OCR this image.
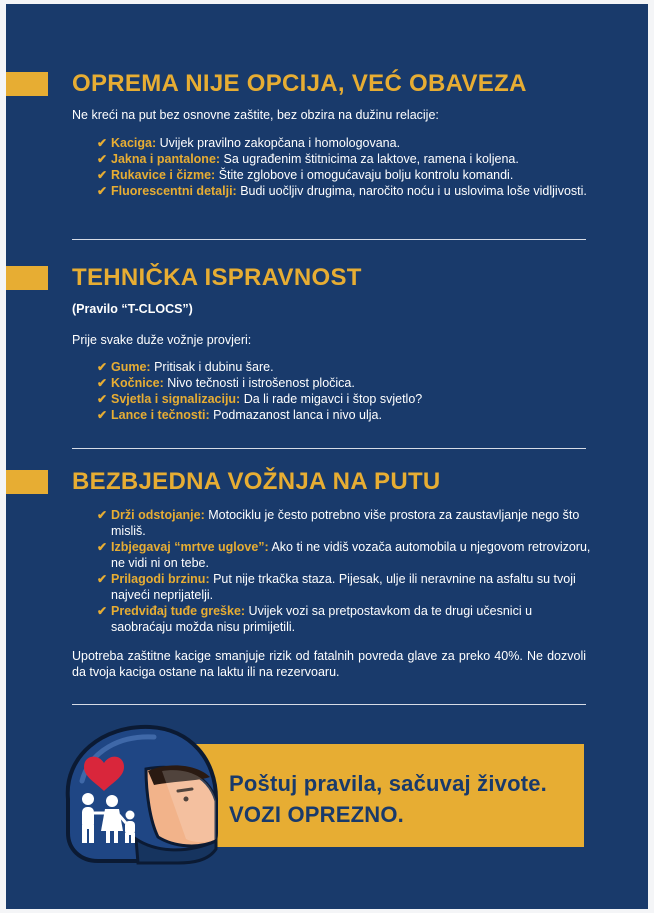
OPREMA NIJE OPCIJA, VEĆ OBAVEZA
Ne kreći na put bez osnovne zaštite, bez obzira na dužinu relacije:
✔ Kaciga: Uvijek pravilno zakopčana i homologovana.
✔ Jakna i pantalone: Sa ugrađenim štitnicima za laktove, ramena i koljena.
✔ Rukavice i čizme: Štite zglobove i omogućavaju bolju kontrolu komandi.
✔ Fluorescentni detalji: Budi uočljiv drugima, naročito noću i u uslovima loše vidljivosti.
TEHNIČKA ISPRAVNOST
(Pravilo “T-CLOCS”)
Prije svake duže vožnje provjeri:
✔ Gume: Pritisak i dubinu šare.
✔ Kočnice: Nivo tečnosti i istrošenost pločica.
✔ Svjetla i signalizaciju: Da li rade migavci i štop svjetlo?
✔ Lance i tečnosti: Podmazanost lanca i nivo ulja.
BEZBJEDNA VOŽNJA NA PUTU
✔ Drži odstojanje: Motociklu je često potrebno više prostora za zaustavljanje nego što misliš.
✔ Izbjegavaj “mrtve uglove”: Ako ti ne vidiš vozača automobila u njegovom retrovizoru, ne vidi ni on tebe.
✔ Prilagodi brzinu: Put nije trkačka staza. Pijesak, ulje ili neravnine na asfaltu su tvoji najveći neprijatelji.
✔ Predviđaj tuđe greške: Uvijek vozi sa pretpostavkom da te drugi učesnici u saobraćaju možda nisu primijetili.
Upotreba zaštitne kacige smanjuje rizik od fatalnih povreda glave za preko 40%. Ne dozvoli da tvoja kaciga ostane na laktu ili na rezervoaru.
Poštuj pravila, sačuvaj živote.
VOZI OPREZNO.
